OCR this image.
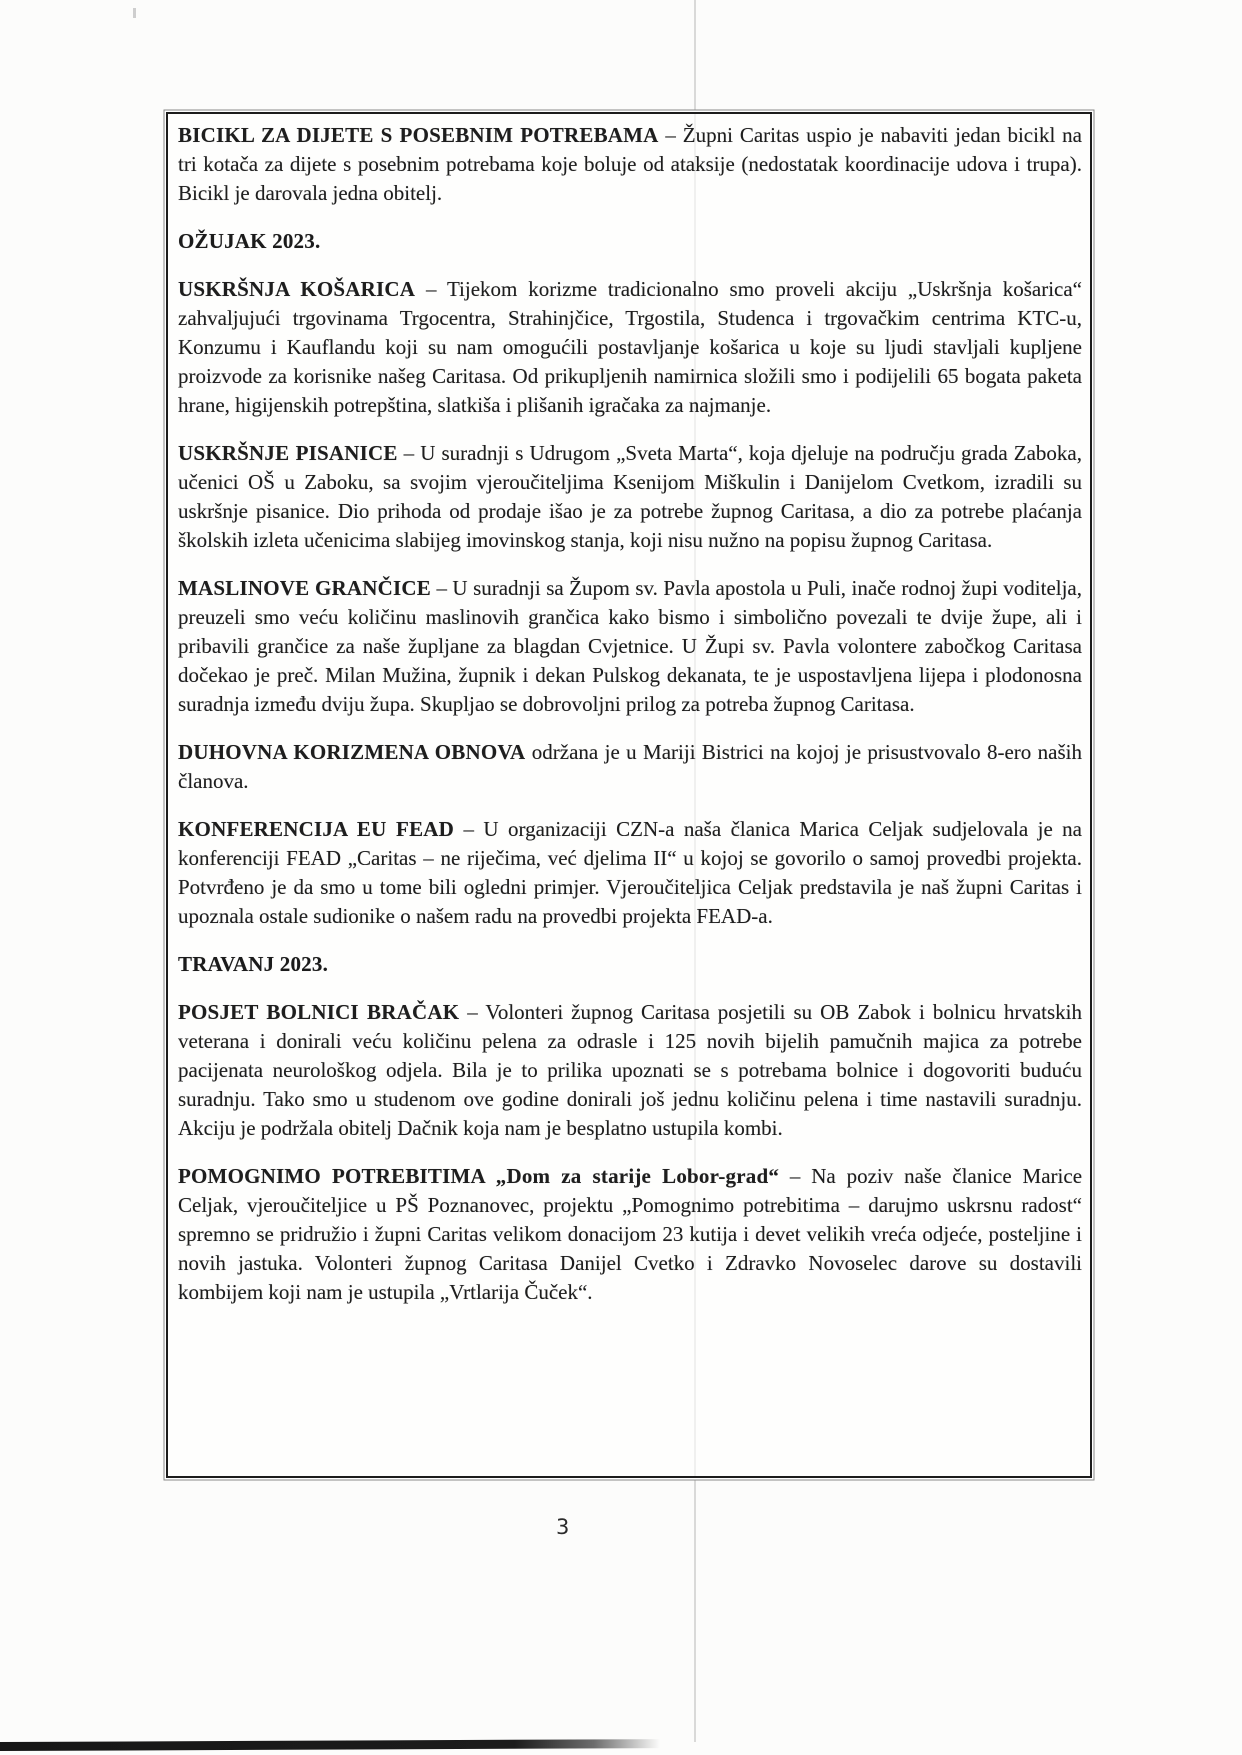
BICIKL ZA DIJETE S POSEBNIM POTREBAMA – Župni Caritas uspio je nabaviti jedan bicikl na tri kotača za dijete s posebnim potrebama koje boluje od ataksije (nedostatak koordinacije udova i trupa). Bicikl je darovala jedna obitelj.

OŽUJAK 2023.

USKRŠNJA KOŠARICA – Tijekom korizme tradicionalno smo proveli akciju „Uskršnja košarica“ zahvaljujući trgovinama Trgocentra, Strahinjčice, Trgostila, Studenca i trgovačkim centrima KTC-u, Konzumu i Kauflandu koji su nam omogućili postavljanje košarica u koje su ljudi stavljali kupljene proizvode za korisnike našeg Caritasa. Od prikupljenih namirnica složili smo i podijelili 65 bogata paketa hrane, higijenskih potrepština, slatkiša i plišanih igračaka za najmanje.

USKRŠNJE PISANICE – U suradnji s Udrugom „Sveta Marta“, koja djeluje na području grada Zaboka, učenici OŠ u Zaboku, sa svojim vjeroučiteljima Ksenijom Miškulin i Danijelom Cvetkom, izradili su uskršnje pisanice. Dio prihoda od prodaje išao je za potrebe župnog Caritasa, a dio za potrebe plaćanja školskih izleta učenicima slabijeg imovinskog stanja, koji nisu nužno na popisu župnog Caritasa.

MASLINOVE GRANČICE – U suradnji sa Župom sv. Pavla apostola u Puli, inače rodnoj župi voditelja, preuzeli smo veću količinu maslinovih grančica kako bismo i simbolično povezali te dvije župe, ali i pribavili grančice za naše župljane za blagdan Cvjetnice. U Župi sv. Pavla volontere zabočkog Caritasa dočekao je preč. Milan Mužina, župnik i dekan Pulskog dekanata, te je uspostavljena lijepa i plodonosna suradnja između dviju župa. Skupljao se dobrovoljni prilog za potreba župnog Caritasa.

DUHOVNA KORIZMENA OBNOVA održana je u Mariji Bistrici na kojoj je prisustvovalo 8-ero naših članova.

KONFERENCIJA EU FEAD – U organizaciji CZN-a naša članica Marica Celjak sudjelovala je na konferenciji FEAD „Caritas – ne riječima, već djelima II“ u kojoj se govorilo o samoj provedbi projekta. Potvrđeno je da smo u tome bili ogledni primjer. Vjeroučiteljica Celjak predstavila je naš župni Caritas i upoznala ostale sudionike o našem radu na provedbi projekta FEAD-a.

TRAVANJ 2023.

POSJET BOLNICI BRAČAK – Volonteri župnog Caritasa posjetili su OB Zabok i bolnicu hrvatskih veterana i donirali veću količinu pelena za odrasle i 125 novih bijelih pamučnih majica za potrebe pacijenata neurološkog odjela. Bila je to prilika upoznati se s potrebama bolnice i dogovoriti buduću suradnju. Tako smo u studenom ove godine donirali još jednu količinu pelena i time nastavili suradnju. Akciju je podržala obitelj Dačnik koja nam je besplatno ustupila kombi.

POMOGNIMO POTREBITIMA „Dom za starije Lobor-grad“ – Na poziv naše članice Marice Celjak, vjeroučiteljice u PŠ Poznanovec, projektu „Pomognimo potrebitima – darujmo uskrsnu radost“ spremno se pridružio i župni Caritas velikom donacijom 23 kutija i devet velikih vreća odjeće, posteljine i novih jastuka. Volonteri župnog Caritasa Danijel Cvetko i Zdravko Novoselec darove su dostavili kombijem koji nam je ustupila „Vrtlarija Čuček“.

3
